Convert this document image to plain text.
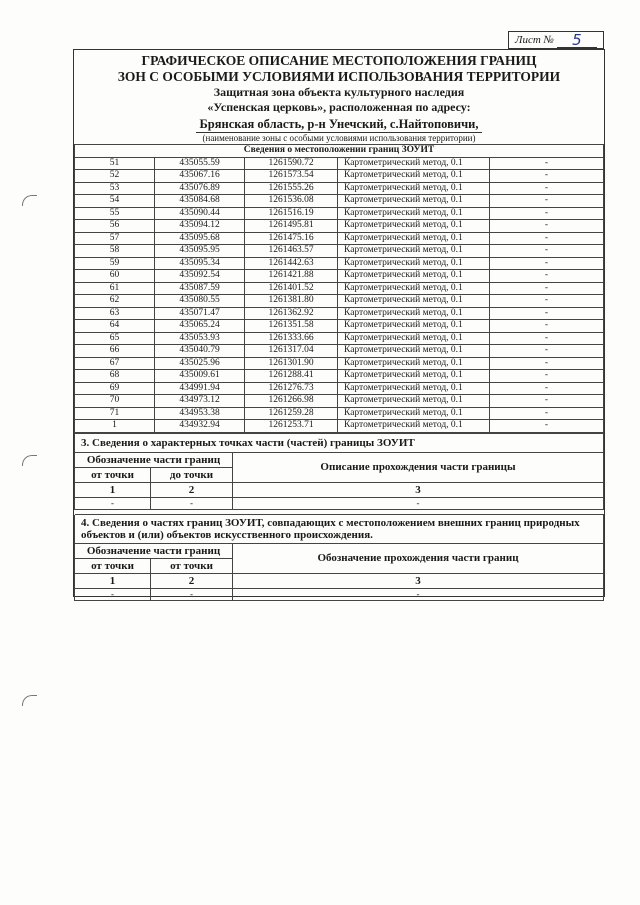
Лист №	5
ГРАФИЧЕСКОЕ ОПИСАНИЕ МЕСТОПОЛОЖЕНИЯ ГРАНИЦ
ЗОН С ОСОБЫМИ УСЛОВИЯМИ ИСПОЛЬЗОВАНИЯ ТЕРРИТОРИИ
Защитная зона объекта культурного наследия
«Успенская церковь», расположенная по адресу:
Брянская область, р-н Унечский, с.Найтоповичи,
(наименование зоны с особыми условиями использования территории)
Сведения о местоположении границ ЗОУИТ				
51	435055.59	1261590.72	Картометрический метод, 0.1	-
52	435067.16	1261573.54	Картометрический метод, 0.1	-
53	435076.89	1261555.26	Картометрический метод, 0.1	-
54	435084.68	1261536.08	Картометрический метод, 0.1	-
55	435090.44	1261516.19	Картометрический метод, 0.1	-
56	435094.12	1261495.81	Картометрический метод, 0.1	-
57	435095.68	1261475.16	Картометрический метод, 0.1	-
58	435095.95	1261463.57	Картометрический метод, 0.1	-
59	435095.34	1261442.63	Картометрический метод, 0.1	-
60	435092.54	1261421.88	Картометрический метод, 0.1	-
61	435087.59	1261401.52	Картометрический метод, 0.1	-
62	435080.55	1261381.80	Картометрический метод, 0.1	-
63	435071.47	1261362.92	Картометрический метод, 0.1	-
64	435065.24	1261351.58	Картометрический метод, 0.1	-
65	435053.93	1261333.66	Картометрический метод, 0.1	-
66	435040.79	1261317.04	Картометрический метод, 0.1	-
67	435025.96	1261301.90	Картометрический метод, 0.1	-
68	435009.61	1261288.41	Картометрический метод, 0.1	-
69	434991.94	1261276.73	Картометрический метод, 0.1	-
70	434973.12	1261266.98	Картометрический метод, 0.1	-
71	434953.38	1261259.28	Картометрический метод, 0.1	-
1	434932.94	1261253.71	Картометрический метод, 0.1	-
3. Сведения о характерных точках части (частей) границы ЗОУИТ		
Обозначение части границ		Описание прохождения части границы
от точки	до точки	
1	2	3
-	-	-

4. Сведения о частях границ ЗОУИТ, совпадающих с местоположением внешних границ природных объектов и (или) объектов искусственного происхождения.		
Обозначение части границ		Обозначение прохождения части границ
от точки	от точки	
1	2	3
-	-	-
